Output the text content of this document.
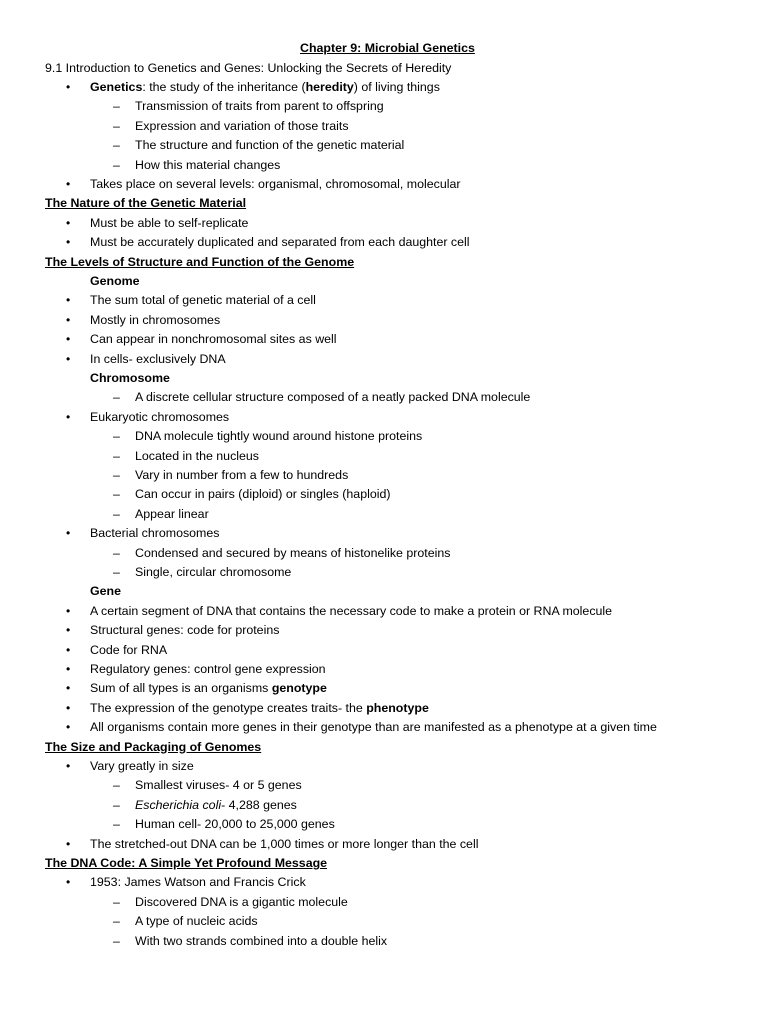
Chapter 9: Microbial Genetics
9.1 Introduction to Genetics and Genes: Unlocking the Secrets of Heredity
• Genetics: the study of the inheritance (heredity) of living things
– Transmission of traits from parent to offspring
– Expression and variation of those traits
– The structure and function of the genetic material
– How this material changes
• Takes place on several levels: organismal, chromosomal, molecular
The Nature of the Genetic Material
• Must be able to self-replicate
• Must be accurately duplicated and separated from each daughter cell
The Levels of Structure and Function of the Genome
Genome
• The sum total of genetic material of a cell
• Mostly in chromosomes
• Can appear in nonchromosomal sites as well
• In cells- exclusively DNA
Chromosome
– A discrete cellular structure composed of a neatly packed DNA molecule
• Eukaryotic chromosomes
– DNA molecule tightly wound around histone proteins
– Located in the nucleus
– Vary in number from a few to hundreds
– Can occur in pairs (diploid) or singles (haploid)
– Appear linear
• Bacterial chromosomes
– Condensed and secured by means of histonelike proteins
– Single, circular chromosome
Gene
• A certain segment of DNA that contains the necessary code to make a protein or RNA molecule
• Structural genes: code for proteins
• Code for RNA
• Regulatory genes: control gene expression
• Sum of all types is an organisms genotype
• The expression of the genotype creates traits- the phenotype
• All organisms contain more genes in their genotype than are manifested as a phenotype at a given time
The Size and Packaging of Genomes
• Vary greatly in size
– Smallest viruses- 4 or 5 genes
– Escherichia coli- 4,288 genes
– Human cell- 20,000 to 25,000 genes
• The stretched-out DNA can be 1,000 times or more longer than the cell
The DNA Code: A Simple Yet Profound Message
• 1953: James Watson and Francis Crick
– Discovered DNA is a gigantic molecule
– A type of nucleic acids
– With two strands combined into a double helix
